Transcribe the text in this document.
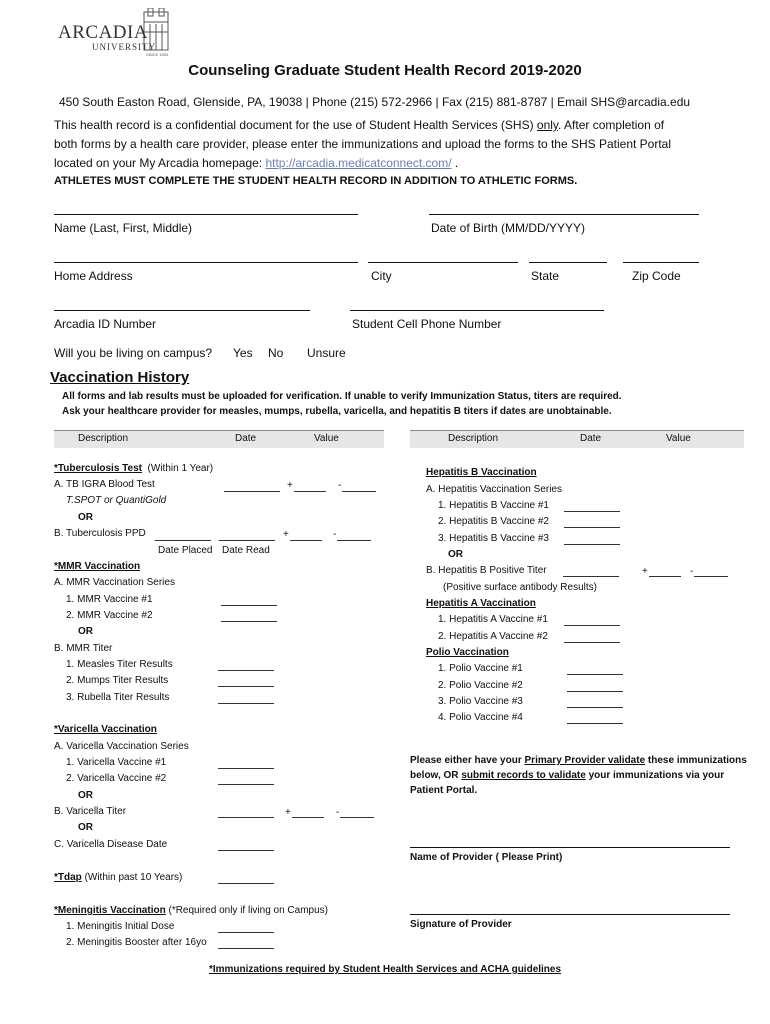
ARCADIA
UNIVERSITY
SINCE 1853
Counseling Graduate Student Health Record 2019-2020
450 South Easton Road, Glenside, PA, 19038 | Phone (215) 572-2966 | Fax (215) 881-8787 | Email SHS@arcadia.edu
This health record is a confidential document for the use of Student Health Services (SHS) only. After completion of
both forms by a health care provider, please enter the immunizations and upload the forms to the SHS Patient Portal
located on your My Arcadia homepage: http://arcadia.medicatconnect.com/ .
ATHLETES MUST COMPLETE THE STUDENT HEALTH RECORD IN ADDITION TO ATHLETIC FORMS.
Name (Last, First, Middle)	Date of Birth (MM/DD/YYYY)
Home Address	City	State	Zip Code
Arcadia ID Number	Student Cell Phone Number
Will you be living on campus? Yes No Unsure
Vaccination History
All forms and lab results must be uploaded for verification. If unable to verify Immunization Status, titers are required.
Ask your healthcare provider for measles, mumps, rubella, varicella, and hepatitis B titers if dates are unobtainable.
Description	Date	Value	Description	Date	Value
*Tuberculosis Test (Within 1 Year)
A. TB IGRA Blood Test	+	-
T.SPOT or QuantiGold
OR
B. Tuberculosis PPD	+	-
Date Placed Date Read
*MMR Vaccination
A. MMR Vaccination Series
1. MMR Vaccine #1
2. MMR Vaccine #2
OR
B. MMR Titer
1. Measles Titer Results
2. Mumps Titer Results
3. Rubella Titer Results
*Varicella Vaccination
A. Varicella Vaccination Series
1. Varicella Vaccine #1
2. Varicella Vaccine #2
OR
B. Varicella Titer	+	-
OR
C. Varicella Disease Date
*Tdap (Within past 10 Years)
*Meningitis Vaccination (*Required only if living on Campus)
1. Meningitis Initial Dose
2. Meningitis Booster after 16yo
Hepatitis B Vaccination
A. Hepatitis Vaccination Series
1. Hepatitis B Vaccine #1
2. Hepatitis B Vaccine #2
3. Hepatitis B Vaccine #3
OR
B. Hepatitis B Positive Titer	+	-
(Positive surface antibody Results)
Hepatitis A Vaccination
1. Hepatitis A Vaccine #1
2. Hepatitis A Vaccine #2
Polio Vaccination
1. Polio Vaccine #1
2. Polio Vaccine #2
3. Polio Vaccine #3
4. Polio Vaccine #4
Please either have your Primary Provider validate these immunizations
below, OR submit records to validate your immunizations via your
Patient Portal.
Name of Provider ( Please Print)
Signature of Provider
*Immunizations required by Student Health Services and ACHA guidelines
